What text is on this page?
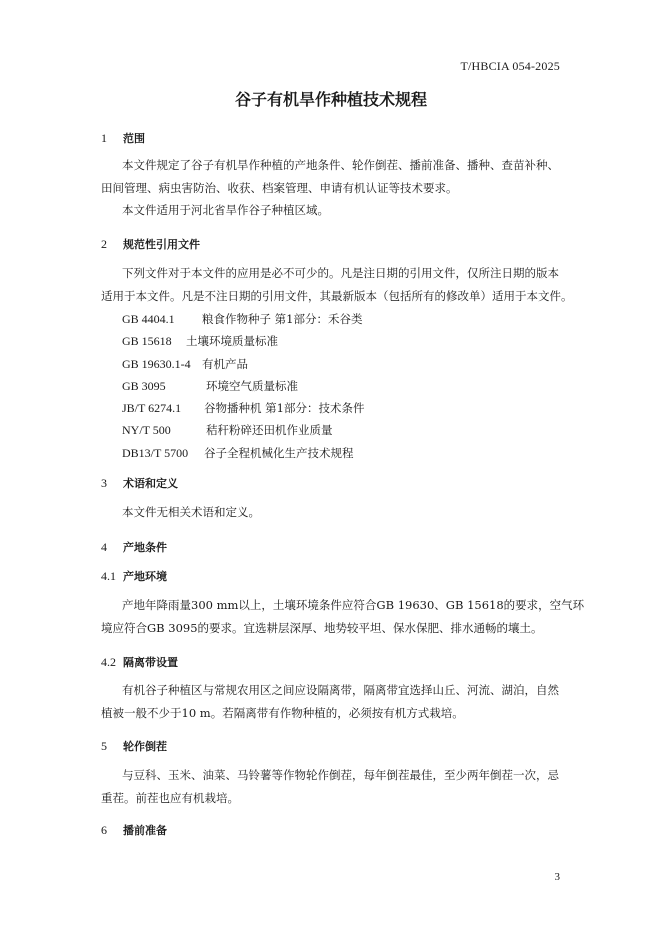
T/HBCIA 054-2025
谷子有机旱作种植技术规程
1 范围
本文件规定了谷子有机旱作种植的产地条件、轮作倒茬、播前准备、播种、查苗补种、
田间管理、病虫害防治、收获、档案管理、申请有机认证等技术要求。
本文件适用于河北省旱作谷子种植区域。
2 规范性引用文件
下列文件对于本文件的应用是必不可少的。凡是注日期的引用文件，仅所注日期的版本
适用于本文件。凡是不注日期的引用文件，其最新版本（包括所有的修改单）适用于本文件。
GB 4404.1 粮食作物种子 第1部分：禾谷类
GB 15618 土壤环境质量标准
GB 19630.1-4 有机产品
GB 3095	环境空气质量标准
JB/T 6274.1 谷物播种机 第1部分：技术条件
NY/T 500	秸秆粉碎还田机作业质量
DB13/T 5700 谷子全程机械化生产技术规程
3 术语和定义
本文件无相关术语和定义。
4 产地条件
4.1 产地环境
产地年降雨量300 mm以上，土壤环境条件应符合GB 19630、GB 15618的要求，空气环
境应符合GB 3095的要求。宜选耕层深厚、地势较平坦、保水保肥、排水通畅的壤土。
4.2 隔离带设置
有机谷子种植区与常规农用区之间应设隔离带，隔离带宜选择山丘、河流、湖泊，自然
植被一般不少于10 m。若隔离带有作物种植的，必须按有机方式栽培。
5 轮作倒茬
与豆科、玉米、油菜、马铃薯等作物轮作倒茬，每年倒茬最佳，至少两年倒茬一次，忌
重茬。前茬也应有机栽培。
6 播前准备
3
